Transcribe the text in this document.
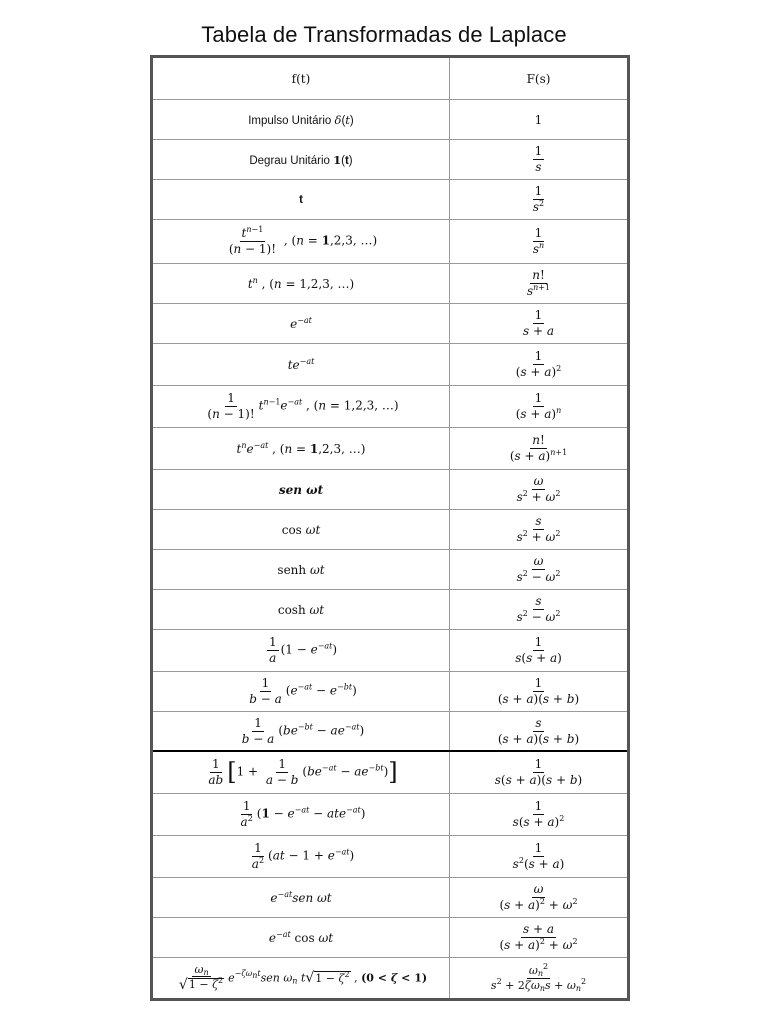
Tabela de Transformadas de Laplace
f(t)	F(s)
Impulso Unitário δ(t)	1
Degrau Unitário 1(t)	$\frac{1}{s}$
t	$\frac{1}{s^2}$
$\frac{t^{n-1}}{(n - 1)!}$ , (n = 1,2,3, …)	$\frac{1}{s^n}$
$t^n$ , (n = 1,2,3, …)	$\frac{n!}{s^{n+1}}$
$e^{-at}$	$\frac{1}{s + a}$
$te^{-at}$	$\frac{1}{(s + a)^2}$
$\frac{1}{(n - 1)!} t^{n-1}e^{-at}$ , (n = 1,2,3, …)	$\frac{1}{(s + a)^n}$
$t^ne^{-at}$ , (n = 1,2,3, …)	$\frac{n!}{(s + a)^{n+1}}$
sen ωt	$\frac{\omega}{s^2 + \omega^2}$
cos ωt	$\frac{s}{s^2 + \omega^2}$
senh ωt	$\frac{\omega}{s^2 - \omega^2}$
cosh ωt	$\frac{s}{s^2 - \omega^2}$
$\frac{1}{a} (1 - e^{-at})$	$\frac{1}{s(s + a)}$
$\frac{1}{b - a} (e^{-at} - e^{-bt})$	$\frac{1}{(s + a)(s + b)}$
$\frac{1}{b - a} (be^{-bt} - ae^{-at})$	$\frac{s}{(s + a)(s + b)}$
$\frac{1}{ab} [1 + \frac{1}{a - b} (be^{-at} - ae^{-bt})]$	$\frac{1}{s(s + a)(s + b)}$
$\frac{1}{a^2} (1 - e^{-at} - ate^{-at})$	$\frac{1}{s(s + a)^2}$
$\frac{1}{a^2} (at - 1 + e^{-at})$	$\frac{1}{s^2(s + a)}$
$e^{-at}sen$ ωt	$\frac{\omega}{(s + a)^2 + \omega^2}$
$e^{-at}$ cos ωt	$\frac{s + a}{(s + a)^2 + \omega^2}$
$\frac{\omega_n}{√ 1 - \zeta^2} e^{-\zeta\omega_nt}sen$ $\omega_n$ t √ $1 - \zeta^2$ , (0 < ζ < 1)	$\frac{\omega_n^2}{s^2 + 2\zeta\omega_ns + \omega_n^2}$
